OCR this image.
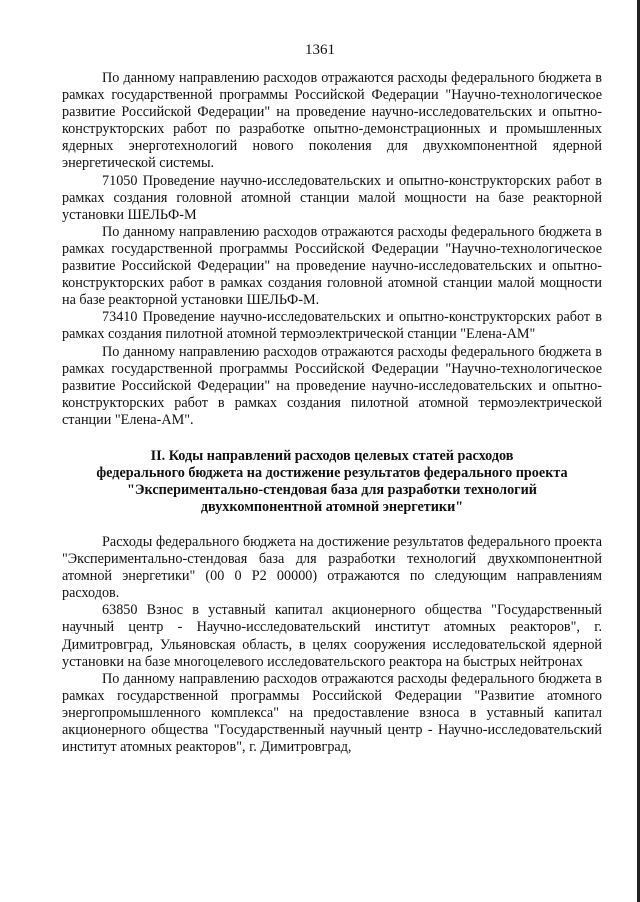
1361

По данному направлению расходов отражаются расходы федерального бюджета в рамках государственной программы Российской Федерации "Научно-технологическое развитие Российской Федерации" на проведение научно-исследовательских и опытно-конструкторских работ по разработке опытно-демонстрационных и промышленных ядерных энерготехнологий нового поколения для двухкомпонентной ядерной энергетической системы.

71050 Проведение научно-исследовательских и опытно-конструкторских работ в рамках создания головной атомной станции малой мощности на базе реакторной установки ШЕЛЬФ-М

По данному направлению расходов отражаются расходы федерального бюджета в рамках государственной программы Российской Федерации "Научно-технологическое развитие Российской Федерации" на проведение научно-исследовательских и опытно-конструкторских работ в рамках создания головной атомной станции малой мощности на базе реакторной установки ШЕЛЬФ-М.

73410 Проведение научно-исследовательских и опытно-конструкторских работ в рамках создания пилотной атомной термоэлектрической станции "Елена-АМ"

По данному направлению расходов отражаются расходы федерального бюджета в рамках государственной программы Российской Федерации "Научно-технологическое развитие Российской Федерации" на проведение научно-исследовательских и опытно-конструкторских работ в рамках создания пилотной атомной термоэлектрической станции "Елена-АМ".

II. Коды направлений расходов целевых статей расходов
федерального бюджета на достижение результатов федерального проекта
"Экспериментально-стендовая база для разработки технологий
двухкомпонентной атомной энергетики"

Расходы федерального бюджета на достижение результатов федерального проекта "Экспериментально-стендовая база для разработки технологий двухкомпонентной атомной энергетики" (00 0 Р2 00000) отражаются по следующим направлениям расходов.

63850 Взнос в уставный капитал акционерного общества "Государственный научный центр - Научно-исследовательский институт атомных реакторов", г. Димитровград, Ульяновская область, в целях сооружения исследовательской ядерной установки на базе многоцелевого исследовательского реактора на быстрых нейтронах

По данному направлению расходов отражаются расходы федерального бюджета в рамках государственной программы Российской Федерации "Развитие атомного энергопромышленного комплекса" на предоставление взноса в уставный капитал акционерного общества "Государственный научный центр - Научно-исследовательский институт атомных реакторов", г. Димитровград,
